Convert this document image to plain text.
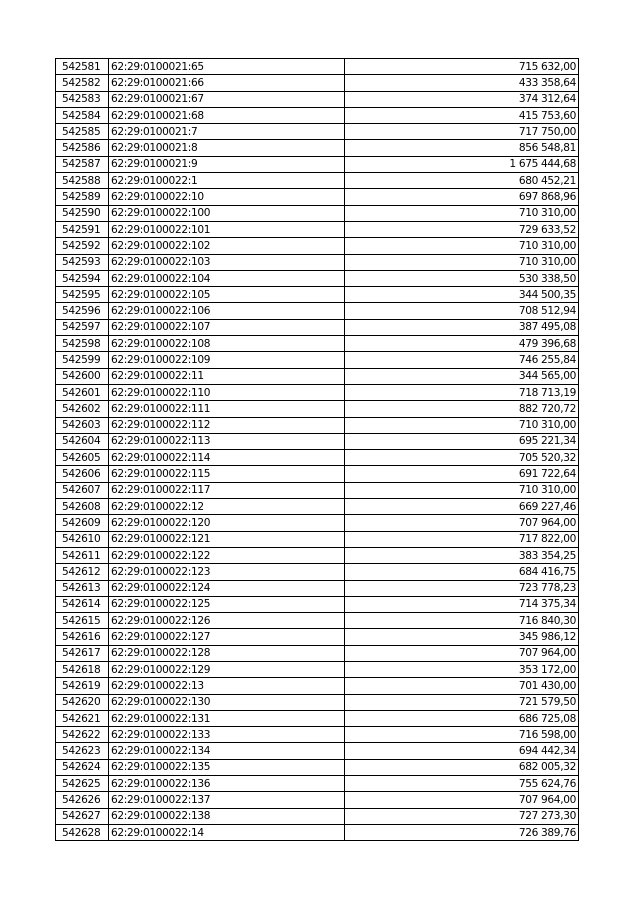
542581	62:29:0100021:65	715 632,00
542582	62:29:0100021:66	433 358,64
542583	62:29:0100021:67	374 312,64
542584	62:29:0100021:68	415 753,60
542585	62:29:0100021:7	717 750,00
542586	62:29:0100021:8	856 548,81
542587	62:29:0100021:9	1 675 444,68
542588	62:29:0100022:1	680 452,21
542589	62:29:0100022:10	697 868,96
542590	62:29:0100022:100	710 310,00
542591	62:29:0100022:101	729 633,52
542592	62:29:0100022:102	710 310,00
542593	62:29:0100022:103	710 310,00
542594	62:29:0100022:104	530 338,50
542595	62:29:0100022:105	344 500,35
542596	62:29:0100022:106	708 512,94
542597	62:29:0100022:107	387 495,08
542598	62:29:0100022:108	479 396,68
542599	62:29:0100022:109	746 255,84
542600	62:29:0100022:11	344 565,00
542601	62:29:0100022:110	718 713,19
542602	62:29:0100022:111	882 720,72
542603	62:29:0100022:112	710 310,00
542604	62:29:0100022:113	695 221,34
542605	62:29:0100022:114	705 520,32
542606	62:29:0100022:115	691 722,64
542607	62:29:0100022:117	710 310,00
542608	62:29:0100022:12	669 227,46
542609	62:29:0100022:120	707 964,00
542610	62:29:0100022:121	717 822,00
542611	62:29:0100022:122	383 354,25
542612	62:29:0100022:123	684 416,75
542613	62:29:0100022:124	723 778,23
542614	62:29:0100022:125	714 375,34
542615	62:29:0100022:126	716 840,30
542616	62:29:0100022:127	345 986,12
542617	62:29:0100022:128	707 964,00
542618	62:29:0100022:129	353 172,00
542619	62:29:0100022:13	701 430,00
542620	62:29:0100022:130	721 579,50
542621	62:29:0100022:131	686 725,08
542622	62:29:0100022:133	716 598,00
542623	62:29:0100022:134	694 442,34
542624	62:29:0100022:135	682 005,32
542625	62:29:0100022:136	755 624,76
542626	62:29:0100022:137	707 964,00
542627	62:29:0100022:138	727 273,30
542628	62:29:0100022:14	726 389,76
